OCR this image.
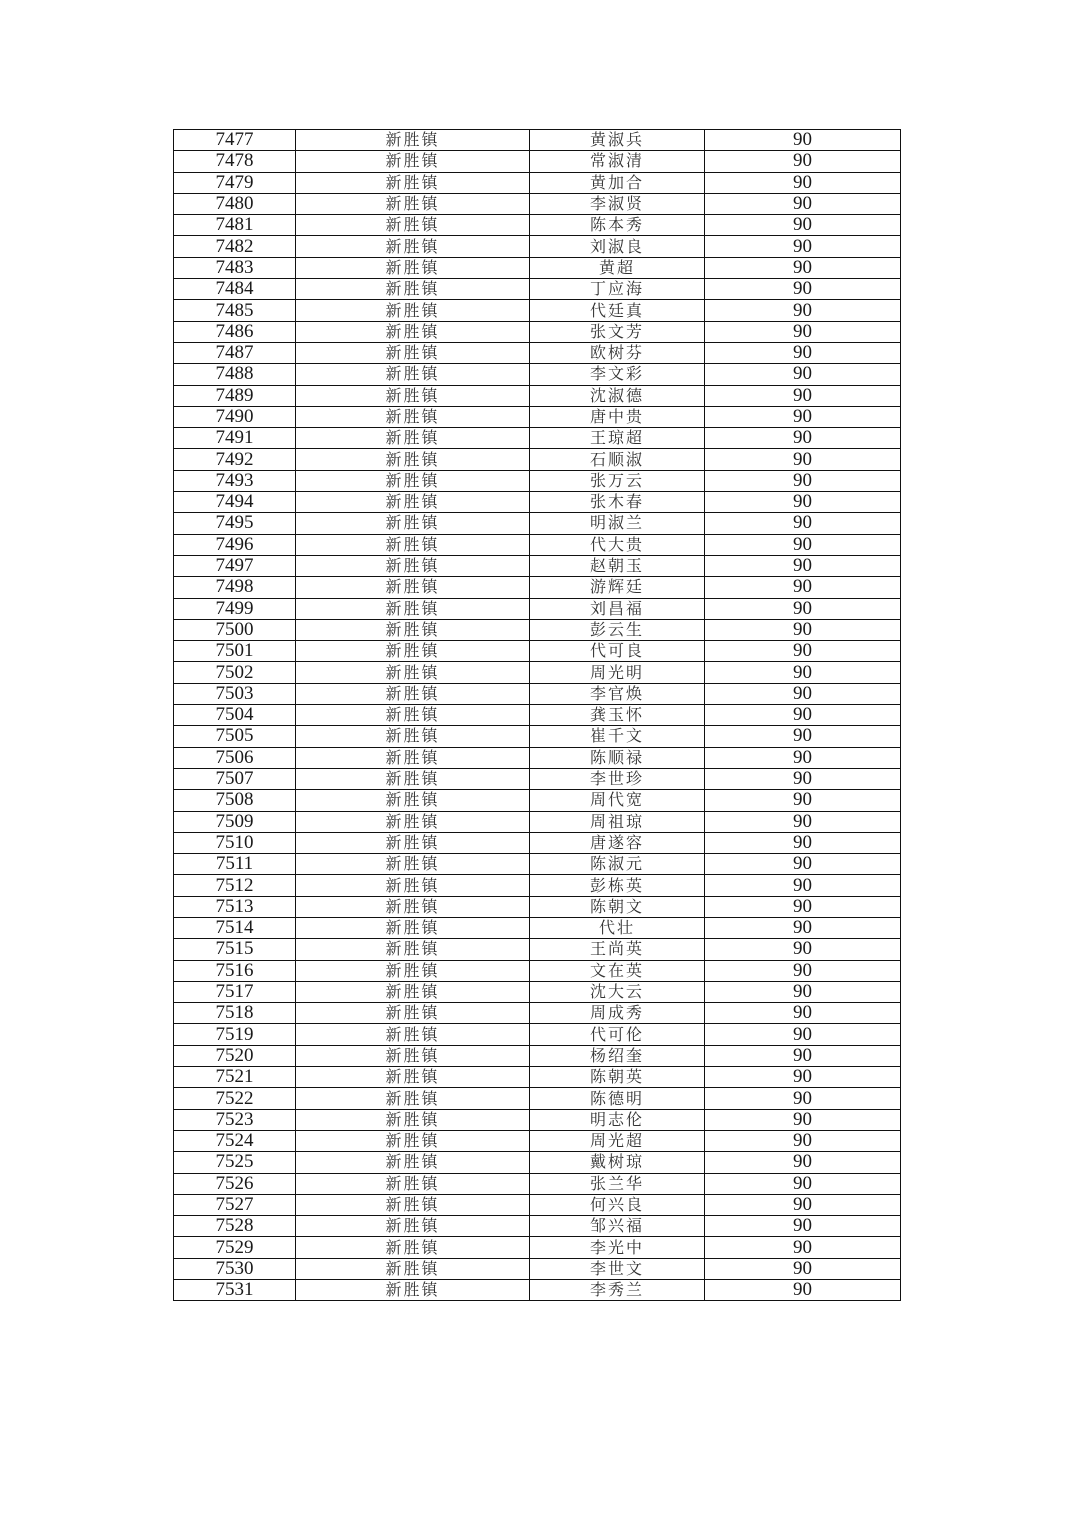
7477	新胜镇	黄淑兵	90
7478	新胜镇	常淑清	90
7479	新胜镇	黄加合	90
7480	新胜镇	李淑贤	90
7481	新胜镇	陈本秀	90
7482	新胜镇	刘淑良	90
7483	新胜镇	黄超	90
7484	新胜镇	丁应海	90
7485	新胜镇	代廷真	90
7486	新胜镇	张文芳	90
7487	新胜镇	欧树芬	90
7488	新胜镇	李文彩	90
7489	新胜镇	沈淑德	90
7490	新胜镇	唐中贵	90
7491	新胜镇	王琼超	90
7492	新胜镇	石顺淑	90
7493	新胜镇	张万云	90
7494	新胜镇	张木春	90
7495	新胜镇	明淑兰	90
7496	新胜镇	代大贵	90
7497	新胜镇	赵朝玉	90
7498	新胜镇	游辉廷	90
7499	新胜镇	刘昌福	90
7500	新胜镇	彭云生	90
7501	新胜镇	代可良	90
7502	新胜镇	周光明	90
7503	新胜镇	李官焕	90
7504	新胜镇	龚玉怀	90
7505	新胜镇	崔千文	90
7506	新胜镇	陈顺禄	90
7507	新胜镇	李世珍	90
7508	新胜镇	周代宽	90
7509	新胜镇	周祖琼	90
7510	新胜镇	唐遂容	90
7511	新胜镇	陈淑元	90
7512	新胜镇	彭栋英	90
7513	新胜镇	陈朝文	90
7514	新胜镇	代壮	90
7515	新胜镇	王尚英	90
7516	新胜镇	文在英	90
7517	新胜镇	沈大云	90
7518	新胜镇	周成秀	90
7519	新胜镇	代可伦	90
7520	新胜镇	杨绍奎	90
7521	新胜镇	陈朝英	90
7522	新胜镇	陈德明	90
7523	新胜镇	明志伦	90
7524	新胜镇	周光超	90
7525	新胜镇	戴树琼	90
7526	新胜镇	张兰华	90
7527	新胜镇	何兴良	90
7528	新胜镇	邹兴福	90
7529	新胜镇	李光中	90
7530	新胜镇	李世文	90
7531	新胜镇	李秀兰	90
